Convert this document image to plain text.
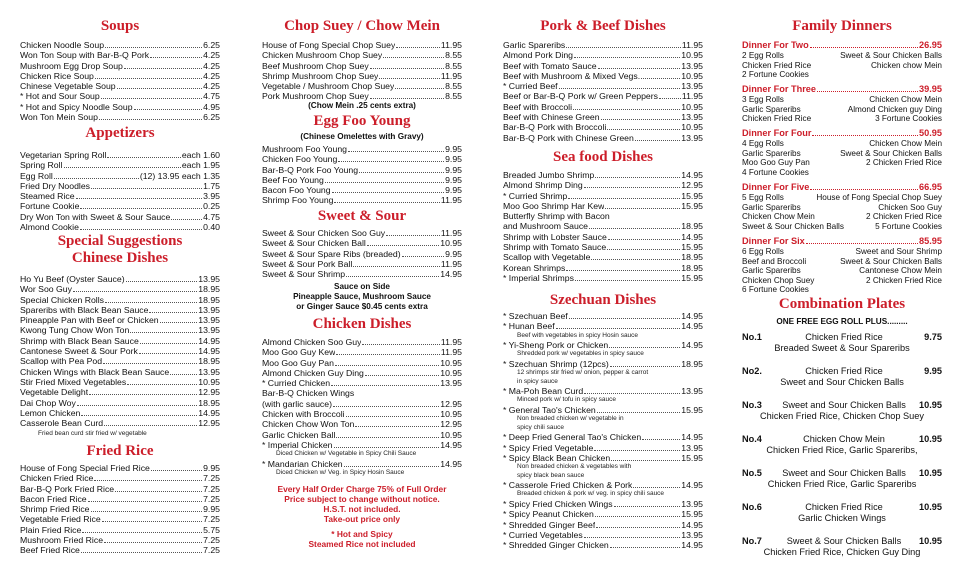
Soups
Chicken Noodle Soup	6.25
Won Ton Soup with Bar-B-Q Pork	4.25
Mushroom Egg Drop Soup	4.25
Chicken Rice Soup	4.25
Chinese Vegetable Soup	4.25
* Hot and Sour Soup	4.75
* Hot and Spicy Noodle Soup	4.95
Won Ton Mein Soup	6.25
Appetizers
Vegetarian Spring Roll	each 1.60
Spring Roll	each 1.95
Egg Roll	(12) 13.95 each 1.35
Fried Dry Noodles	1.75
Steamed Rice	3.95
Fortune Cookie	0.25
Dry Won Ton with Sweet & Sour Sauce	4.75
Almond Cookie	0.40
Special Suggestions
Chinese Dishes
Ho Yu Beef (Oyster Sauce)	13.95
Wor Soo Guy	18.95
Special Chicken Rolls	18.95
Spareribs with Black Bean Sauce	13.95
Pineapple Pan with Beef or Chicken	13.95
Kwong Tung Chow Won Ton	13.95
Shrimp with Black Bean Sauce	14.95
Cantonese Sweet & Sour Pork	14.95
Scallop with Pea Pod	18.95
Chicken Wings with Black Bean Sauce	13.95
Stir Fried Mixed Vegetables	10.95
Vegetable Delight	12.95
Dai Chop Woy	18.95
Lemon Chicken	14.95
Casserole Bean Curd	12.95
Fried bean curd stir fried w/ vegetable
Fried Rice
House of Fong Special Fried Rice	9.95
Chicken Fried Rice	7.25
Bar-B-Q Pork Fried Rice	7.25
Bacon Fried Rice	7.25
Shrimp Fried Rice	9.95
Vegetable Fried Rice	7.25
Plain Fried Rice	5.75
Mushroom Fried Rice	7.25
Beef Fried Rice	7.25
Chop Suey / Chow Mein
House of Fong Special Chop Suey	11.95
Chicken Mushroom Chop Suey	8.55
Beef Mushroom Chop Suey	8.55
Shrimp Mushroom Chop Suey	11.95
Vegetable / Mushroom Chop Suey	8.55
Pork Mushroom Chop Suey	8.55
(Chow Mein .25 cents extra)
Egg Foo Young
(Chinese Omelettes with Gravy)
Mushroom Foo Young	9.95
Chicken Foo Young	9.95
Bar-B-Q Pork Foo Young	9.95
Beef Foo Young	9.95
Bacon Foo Young	9.95
Shrimp Foo Young	11.95
Sweet & Sour
Sweet & Sour Chicken Soo Guy	11.95
Sweet & Sour Chicken Ball	10.95
Sweet & Sour Spare Ribs (breaded)	9.95
Sweet & Sour Pork Ball	11.95
Sweet & Sour Shrimp	14.95
Sauce on Side
Pineapple Sauce, Mushroom Sauce
or Ginger Sauce $0.45 cents extra
Chicken Dishes
Almond Chicken Soo Guy	11.95
Moo Goo Guy Kew	11.95
Moo Goo Guy Pan	10.95
Almond Chicken Guy Ding	10.95
* Curried Chicken	13.95
Bar-B-Q Chicken Wings
(with garlic sauce)	12.95
Chicken with Broccoli	10.95
Chicken Chow Won Ton	12.95
Garlic Chicken Ball	10.95
* Imperial Chicken	14.95
Diced Chicken w/ Vegetable in Spicy Chili Sauce
* Mandarian Chicken	14.95
Diced Chicken w/ Veg. in Spicy Hosin Sauce
Every Half Order Charge 75% of Full Order
Price subject to change without notice.
H.S.T. not included.
Take-out price only
* Hot and Spicy
Steamed Rice not included
Pork & Beef Dishes
Garlic Spareribs	11.95
Almond Pork Ding	10.95
Beef with Tomato Sauce	13.95
Beef with Mushroom & Mixed Vegs.	10.95
* Curried Beef	13.95
Beef or Bar-B-Q Pork w/ Green Peppers	11.95
Beef with Broccoli	10.95
Beef with Chinese Green	13.95
Bar-B-Q Pork with Broccoli	10.95
Bar-B-Q Pork with Chinese Green	13.95
Sea food Dishes
Breaded Jumbo Shrimp	14.95
Almond Shrimp Ding	12.95
* Curried Shrimp	15.95
Moo Goo Shrimp Har Kew	15.95
Butterfly Shrimp with Bacon
and Mushroom Sauce	18.95
Shrimp with Lobster Sauce	14.95
Shrimp with Tomato Sauce	15.95
Scallop with Vegetable	18.95
Korean Shrimps	18.95
* Imperial Shrimps	15.95
Szechuan Dishes
* Szechuan Beef	14.95
* Hunan Beef	14.95
Beef with vegetables in spicy Hosin sauce
* Yi-Sheng Pork or Chicken	14.95
Shredded pork w/ vegetables in spicy sauce
* Szechuan Shrimp (12pcs)	18.95
12 shrimps stir fried w/ onion, pepper & carrot
in spicy sauce
* Ma-Poh Bean Curd	13.95
Minced pork w/ tofu in spicy sauce
* General Tao's Chicken	15.95
Non breaded chicken w/ vegetable in
spicy chili sauce
* Deep Fried General Tao's Chicken	14.95
* Spicy Fried Vegetable	13.95
* Spicy Black Bean Chicken	15.95
Non breaded chicken & vegetables with
spicy black bean sauce
* Casserole Fried Chicken & Pork	14.95
Breaded chicken & pork w/ veg. in spicy chili sauce
* Spicy Fried Chicken Wings	13.95
* Spicy Peanut Chicken	15.95
* Shredded Ginger Beef	14.95
* Curried Vegetables	13.95
* Shredded Ginger Chicken	14.95
Family Dinners
Dinner For Two	26.95
2 Egg Rolls	Sweet & Sour Chicken Balls
Chicken Fried Rice	Chicken chow Mein
2 Fortune Cookies
Dinner For Three	39.95
3 Egg Rolls	Chicken Chow Mein
Garlic Spareribs	Almond Chicken guy Ding
Chicken Fried Rice	3 Fortune Cookies
Dinner For Four	50.95
4 Egg Rolls	Chicken Chow Mein
Garlic Spareribs	Sweet & Sour Chicken Balls
Moo Goo Guy Pan	2 Chicken Fried Rice
4 Fortune Cookies
Dinner For Five	66.95
5 Egg Rolls	House of Fong Special Chop Suey
Garlic Spareribs	Chicken Soo Guy
Chicken Chow Mein	2 Chicken Fried Rice
Sweet & Sour Chicken Balls	5 Fortune Cookies
Dinner For Six	85.95
6 Egg Rolls	Sweet and Sour Shrimp
Beef and Broccoli	Sweet & Sour Chicken Balls
Garlic Spareribs	Cantonese Chow Mein
Chicken Chop Suey	2 Chicken Fried Rice
6 Fortune Cookies
Combination Plates
ONE FREE EGG ROLL PLUS.........
No.1	Chicken Fried Rice	9.75
Breaded Sweet & Sour Spareribs
No2.	Chicken Fried Rice	9.95
Sweet and Sour Chicken Balls
No.3	Sweet and Sour Chicken Balls	10.95
Chicken Fried Rice, Chicken Chop Suey
No.4	Chicken Chow Mein	10.95
Chicken Fried Rice, Garlic Spareribs,
No.5	Sweet and Sour Chicken Balls	10.95
Chicken Fried Rice, Garlic Spareribs
No.6	Chicken Fried Rice	10.95
Garlic Chicken Wings
No.7	Sweet & Sour Chicken Balls	10.95
Chicken Fried Rice, Chicken Guy Ding
